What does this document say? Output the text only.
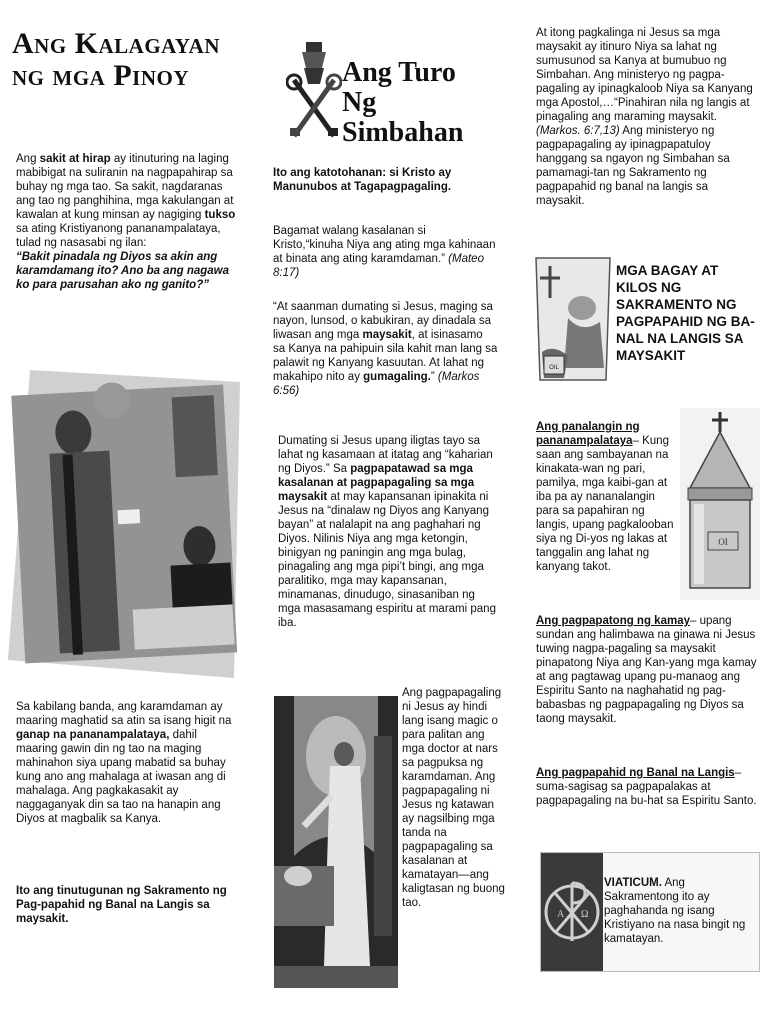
Ang Kalagayan ng mga Pinoy

Ang sakit at hirap ay itinuturing na laging mabibigat na suliranin na nagpapahirap sa buhay ng mga tao. Sa sakit, nagdaranas ang tao ng panghihina, mga kakulangan at kawalan at kung minsan ay nagiging tukso sa ating Kristiyanong pananampalataya, tulad ng nasasabi ng ilan:
“Bakit pinadala ng Diyos sa akin ang karamdamang ito? Ano ba ang nagawa ko para parusahan ako ng ganito?”

Sa kabilang banda, ang karamdaman ay maaring maghatid sa atin sa isang higit na ganap na pananampalataya, dahil maaring gawin din ng tao na maging mahinahon siya upang mabatid sa buhay kung ano ang mahalaga at iwasan ang di mahalaga. Ang pagkakasakit ay naggaganyak din sa tao na hanapin ang Diyos at magbalik sa Kanya.

Ito ang tinutugunan ng Sakramento ng Pag-papahid ng Banal na Langis sa maysakit.

Ang Turo
Ng Simbahan

Ito ang katotohanan: si Kristo ay Manunubos at Tagapagpagaling.

Bagamat walang kasalanan si Kristo,“kinuha Niya ang ating mga kahinaan at binata ang ating karamdaman.” (Mateo 8:17)

“At saanman dumating si Jesus, maging sa nayon, lunsod, o kabukiran, ay dinadala sa liwasan ang mga maysakit, at isinasamo sa Kanya na pahipuin sila kahit man lang sa palawit ng Kanyang kasuutan. At lahat ng makahipo nito ay gumagaling.” (Markos 6:56)

Dumating si Jesus upang iligtas tayo sa lahat ng kasamaan at itatag ang “kaharian ng Diyos.” Sa pagpapatawad sa mga kasalanan at pagpapagaling sa mga maysakit at may kapansanan ipinakita ni Jesus na “dinalaw ng Diyos ang Kanyang bayan” at nalalapit na ang paghahari ng Diyos. Nilinis Niya ang mga ketongin, binigyan ng paningin ang mga bulag, pinagaling ang mga pipi’t bingi, ang mga paralitiko, mga may kapansanan, minamanas, dinudugo, sinasaniban ng mga masasamang espiritu at marami pang iba.

Ang pagpapagaling ni Jesus ay hindi lang isang magic o para palitan ang mga doctor at nars sa pagpuksa ng karamdaman. Ang pagpapagaling ni Jesus ng katawan ay nagsilbing mga tanda na pagpapagaling sa kasalanan at kamatayan—ang kaligtasan ng buong tao.

At itong pagkalinga ni Jesus sa mga maysakit ay itinuro Niya sa lahat ng sumusunod sa Kanya at bumubuo ng Simbahan. Ang ministeryo ng pagpa-pagaling ay ipinagkaloob Niya sa Kanyang mga Apostol,…“Pinahiran nila ng langis at pinagaling ang maraming maysakit. (Markos. 6:7,13) Ang ministeryo ng pagpapagaling ay ipinagpapatuloy hanggang sa ngayon ng Simbahan sa pamamagi-tan ng Sakramento ng pagpapahid ng banal na langis sa maysakit.

OIL
MGA BAGAY AT KILOS NG SAKRAMENTO NG PAGPAPAHID NG BA-NAL NA LANGIS SA MAYSAKIT

Ang panalangin ng pananampalataya– Kung saan ang sambayanan na kinakata-wan ng pari, pamilya, mga kaibi-gan at iba pa ay nananalangin para sa papahiran ng langis, upang pagkalooban siya ng Di-yos ng lakas at tanggalin ang lahat ng kanyang takot.

OI

Ang pagpapatong ng kamay– upang sundan ang halimbawa na ginawa ni Jesus tuwing nagpa-pagaling sa maysakit pinapatong Niya ang Kan-yang mga kamay at ang pagtawag upang pu-manaog ang Espiritu Santo na naghahatid ng pag-babasbas ng pagpapagaling ng Diyos sa taong maysakit.

Ang pagpapahid ng Banal na Langis– suma-sagisag sa pagpapalakas at pagpapagaling na bu-hat sa Espiritu Santo.

A Ω

VIATICUM. Ang Sakramentong ito ay paghahanda ng isang Kristiyano na nasa bingit ng kamatayan.
